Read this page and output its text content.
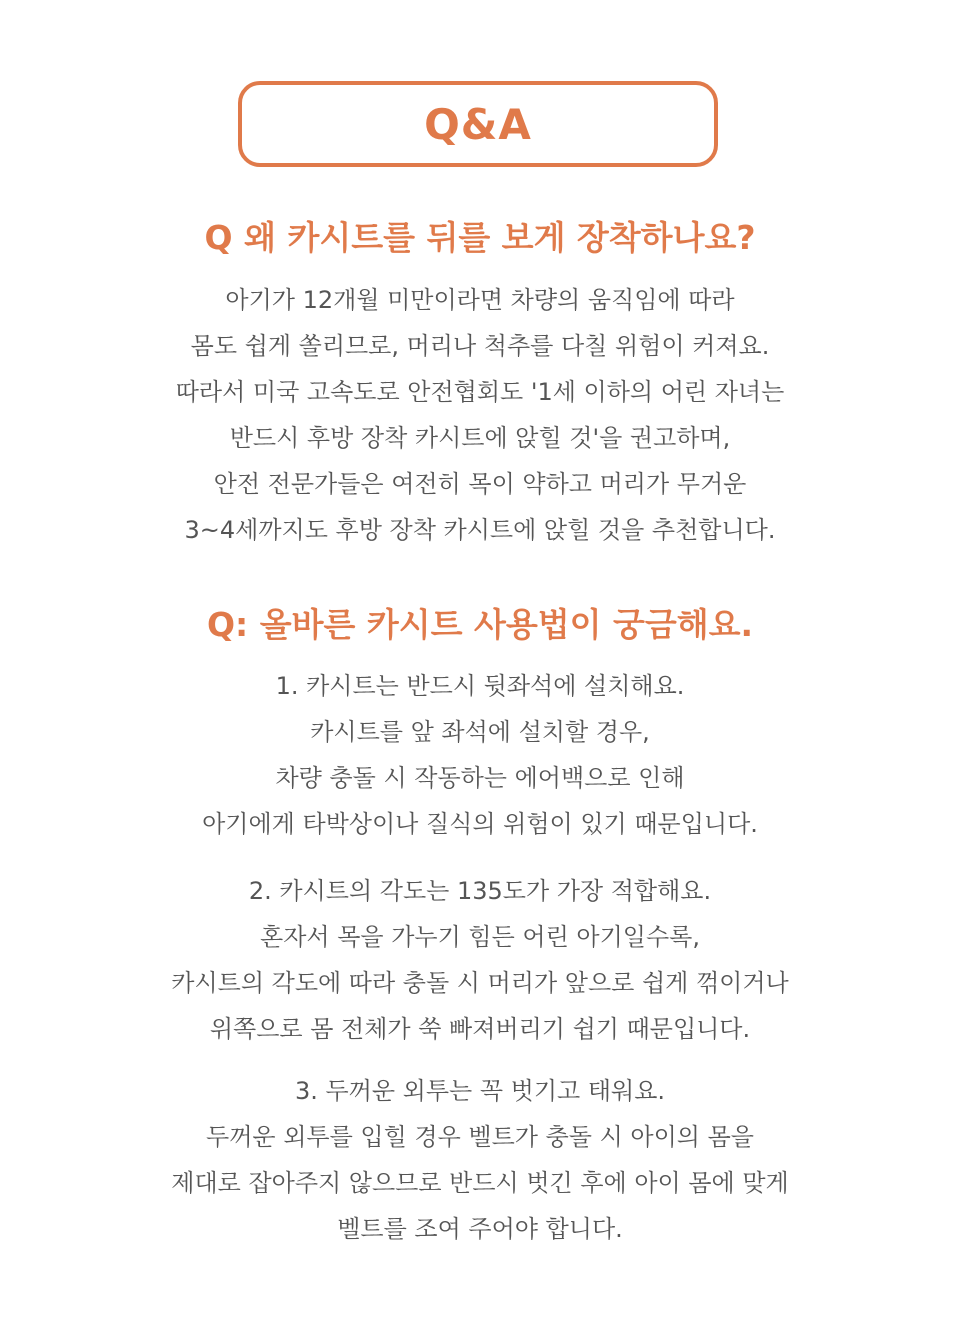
Q&A
Q 왜 카시트를 뒤를 보게 장착하나요?
아기가 12개월 미만이라면 차량의 움직임에 따라
몸도 쉽게 쏠리므로, 머리나 척추를 다칠 위험이 커져요.
따라서 미국 고속도로 안전협회도 '1세 이하의 어린 자녀는
반드시 후방 장착 카시트에 앉힐 것'을 권고하며,
안전 전문가들은 여전히 목이 약하고 머리가 무거운
3~4세까지도 후방 장착 카시트에 앉힐 것을 추천합니다.
Q: 올바른 카시트 사용법이 궁금해요.
1. 카시트는 반드시 뒷좌석에 설치해요.
카시트를 앞 좌석에 설치할 경우,
차량 충돌 시 작동하는 에어백으로 인해
아기에게 타박상이나 질식의 위험이 있기 때문입니다.
2. 카시트의 각도는 135도가 가장 적합해요.
혼자서 목을 가누기 힘든 어린 아기일수록,
카시트의 각도에 따라 충돌 시 머리가 앞으로 쉽게 꺾이거나
위쪽으로 몸 전체가 쑥 빠져버리기 쉽기 때문입니다.
3. 두꺼운 외투는 꼭 벗기고 태워요.
두꺼운 외투를 입힐 경우 벨트가 충돌 시 아이의 몸을
제대로 잡아주지 않으므로 반드시 벗긴 후에 아이 몸에 맞게
벨트를 조여 주어야 합니다.
